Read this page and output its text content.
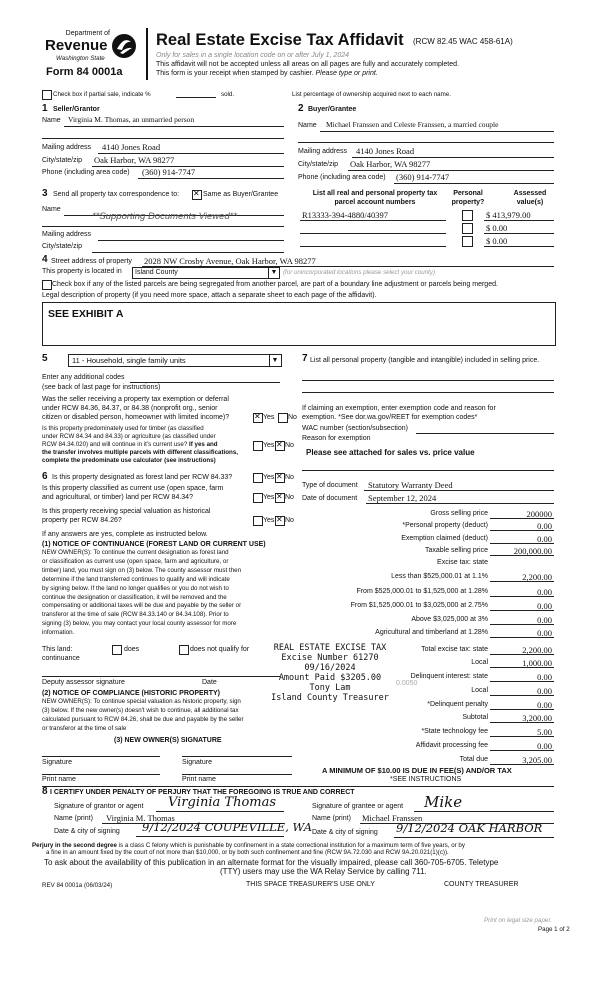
Department of
Revenue
Washington State
Form 84 0001a
Real Estate Excise Tax Affidavit (RCW 82.45 WAC 458-61A)
Only for sales in a single location code on or after July 1, 2024
This affidavit will not be accepted unless all areas on all pages are fully and accurately completed.
This form is your receipt when stamped by cashier. Please type or print.
Check box if partial sale, indicate %	sold.	List percentage of ownership acquired next to each name.
1 Seller/Grantor
Name Virginia M. Thomas, an unmarried person
Mailing address 4140 Jones Road
City/state/zip Oak Harbor, WA 98277
Phone (including area code) (360) 914-7747
2 Buyer/Grantee
Name Michael Franssen and Celeste Franssen, a married couple
Mailing address 4140 Jones Road
City/state/zip Oak Harbor, WA 98277
Phone (including area code) (360) 914-7747
3 Send all property tax correspondence to: ✕	Same as Buyer/Grantee
Name
**Supporting Documents Viewed**
Mailing address
City/state/zip
List all real and personal property tax
parcel account numbers
Personal
property?
Assessed
value(s)
R13333-394-4880/40397	$ 413,979.00
$ 0.00
$ 0.00
4 Street address of property 2028 NW Crosby Avenue, Oak Harbor, WA 98277
This property is located in Island County	▼ (for unincorporated locations please select your county)
Check box if any of the listed parcels are being segregated from another parcel, are part of a boundary line adjustment or parcels being merged.
Legal description of property (if you need more space, attach a separate sheet to each page of the affidavit).
SEE EXHIBIT A
5	11 - Household, single family units	▼
Enter any additional codes
(see back of last page for instructions)
Was the seller receiving a property tax exemption or deferral
under RCW 84.36, 84.37, or 84.38 (nonprofit org., senior
citizen or disabled person, homeowner with limited income)? ✕	Yes No
Is this property predominately used for timber (as classified
under RCW 84.34 and 84.33) or agriculture (as classified under
RCW 84.34.020) and will continue in it's current use? If yes and	Yes ✕ No
the transfer involves multiple parcels with different classifications,
complete the predominate use calculator (see instructions)
7 List all personal property (tangible and intangible) included in selling price.
If claiming an exemption, enter exemption code and reason for
exemption. *See dor.wa.gov/REET for exemption codes*
WAC number (section/subsection)
Reason for exemption
Please see attached for sales vs. price value
6 Is this property designated as forest land per RCW 84.33?	Yes ✕ No
Is this property classified as current use (open space, farm
and agricultural, or timber) land per RCW 84.34?	Yes ✕ No
Is this property receiving special valuation as historical
property per RCW 84.26?	Yes ✕ No
If any answers are yes, complete as instructed below.
(1) NOTICE OF CONTINUANCE (FOREST LAND OR CURRENT USE)
NEW OWNER(S): To continue the current designation as forest land
or classification as current use (open space, farm and agriculture, or
timber) land, you must sign on (3) below. The county assessor must then
determine if the land transferred continues to qualify and will indicate
by signing below. If the land no longer qualifies or you do not wish to
continue the designation or classification, it will be removed and the
compensating or additional taxes will be due and payable by the seller or
transferor at the time of sale (RCW 84.33.140 or 84.34.108). Prior to
signing (3) below, you may contact your local county assessor for more
information.
This land:	does	does not qualify for
continuance
Deputy assessor signature	Date
(2) NOTICE OF COMPLIANCE (HISTORIC PROPERTY)
NEW OWNER(S): To continue special valuation as historic property, sign
(3) below. If the new owner(s) doesn't wish to continue, all additional tax
calculated pursuant to RCW 84.26, shall be due and payable by the seller
or transferor at the time of sale
(3) NEW OWNER(S) SIGNATURE
Signature	Signature
Print name	Print name
Type of document Statutory Warranty Deed
Date of document September 12, 2024
Gross selling price	200000
*Personal property (deduct)	0.00
Exemption claimed (deduct)	0.00
Taxable selling price	200,000.00
Excise tax: state
Less than $525,000.01 at 1.1%	2,200.00
From $525,000.01 to $1,525,000 at 1.28%	0.00
From $1,525,000.01 to $3,025,000 at 2.75%	0.00
Above $3,025,000 at 3%	0.00
Agricultural and timberland at 1.28%	0.00
Total excise tax: state	2,200.00
Local	1,000.00
Delinquent interest: state	0.00
Local	0.00
*Delinquent penalty	0.00
Subtotal	3,200.00
*State technology fee	5.00
Affidavit processing fee	0.00
Total due	3,205.00
0.0050
REAL ESTATE EXCISE TAX
Excise Number 61270
09/16/2024
Amount Paid $3205.00
Tony Lam
Island County Treasurer
A MINIMUM OF $10.00 IS DUE IN FEE(S) AND/OR TAX
*SEE INSTRUCTIONS
8 I CERTIFY UNDER PENALTY OF PERJURY THAT THE FOREGOING IS TRUE AND CORRECT
Signature of grantor or agent Virginia Thomas
Name (print) Virginia M. Thomas
Date & city of signing 9/12/2024 COUPEVILLE, WA
Signature of grantee or agent Mike
Name (print) Michael Franssen
Date & city of signing 9/12/2024 OAK HARBOR
Perjury in the second degree is a class C felony which is punishable by confinement in a state correctional institution for a maximum term of five years, or by
a fine in an amount fixed by the court of not more than $10,000, or by both such confinement and fine (RCW 9A.72.030 and RCW 9A.20.021(1)(c)).
To ask about the availability of this publication in an alternate format for the visually impaired, please call 360-705-6705. Teletype
(TTY) users may use the WA Relay Service by calling 711.
REV 84 0001a (06/03/24)	THIS SPACE TREASURER'S USE ONLY	COUNTY TREASURER
Print on legal size paper.
Page 1 of 2
